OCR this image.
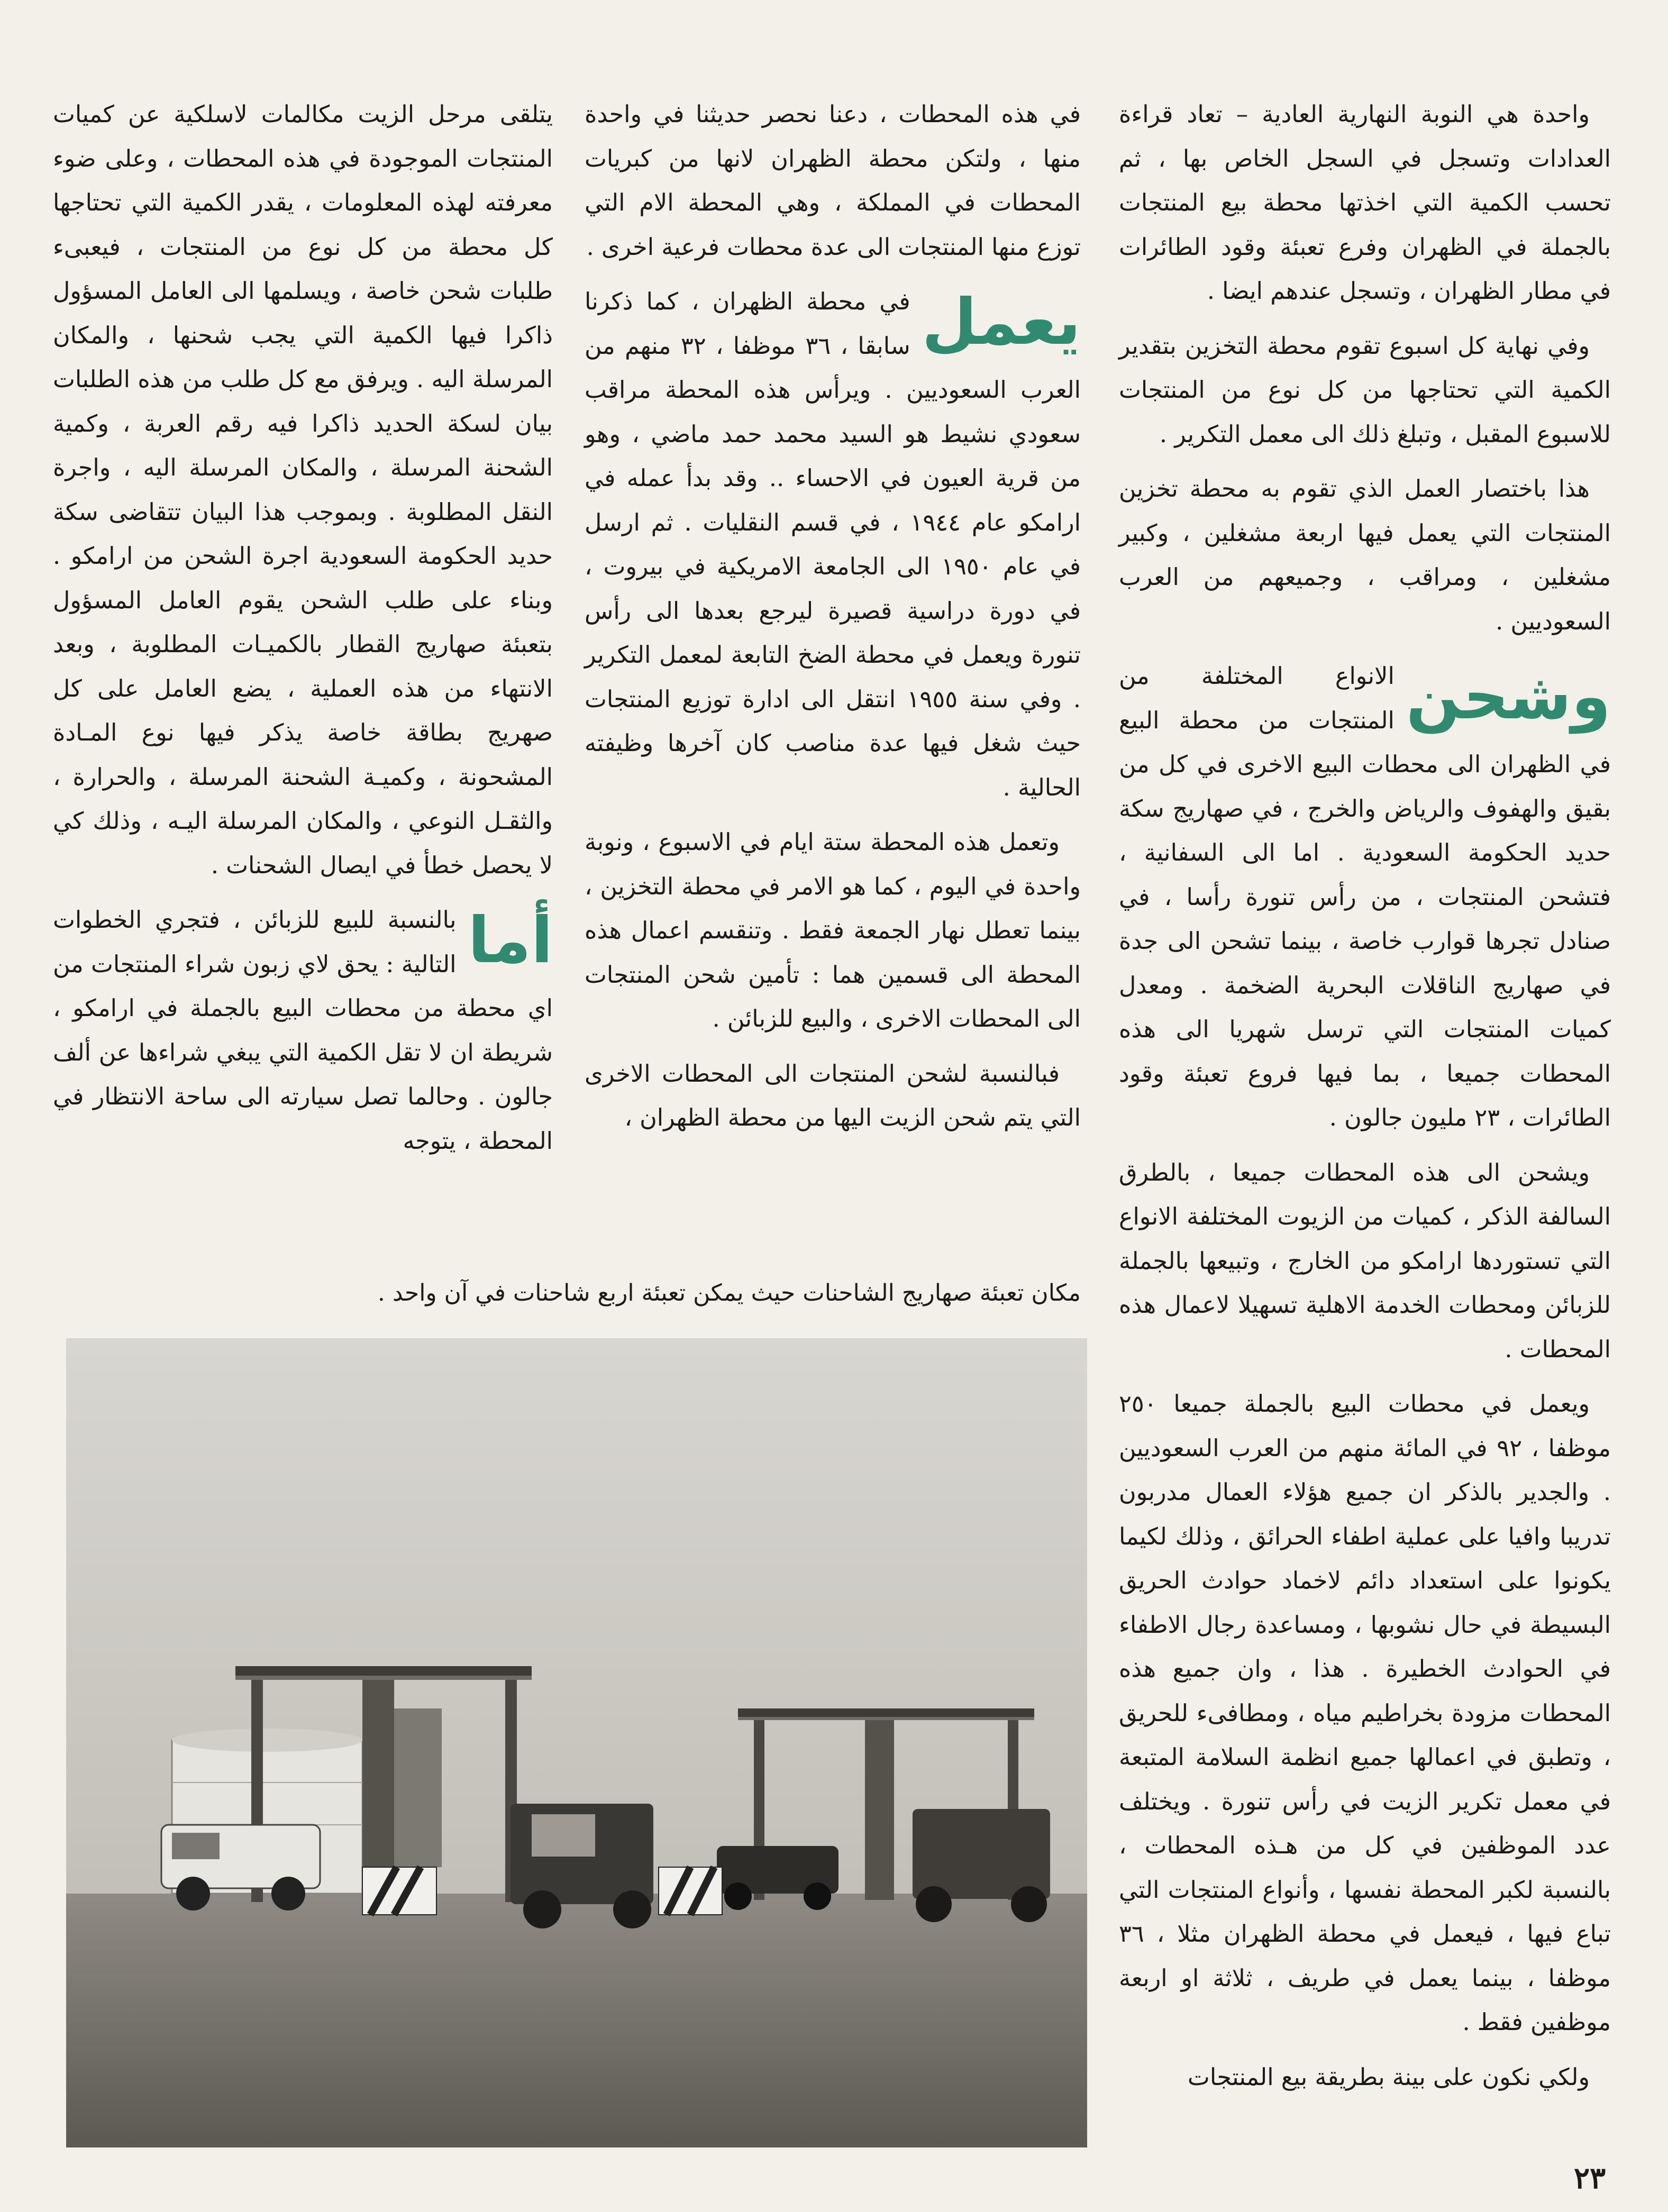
واحدة هي النوبة النهارية العادية – تعاد قراءة العدادات وتسجل في السجل الخاص بها ، ثم تحسب الكمية التي اخذتها محطة بيع المنتجات بالجملة في الظهران وفرع تعبئة وقود الطائرات في مطار الظهران ، وتسجل عندهم ايضا .

وفي نهاية كل اسبوع تقوم محطة التخزين بتقدير الكمية التي تحتاجها من كل نوع من المنتجات للاسبوع المقبل ، وتبلغ ذلك الى معمل التكرير .

هذا باختصار العمل الذي تقوم به محطة تخزين المنتجات التي يعمل فيها اربعة مشغلين ، وكبير مشغلين ، ومراقب ، وجميعهم من العرب السعوديين .

وشحن
الانواع المختلفة من المنتجات من محطة البيع في الظهران الى محطات البيع الاخرى في كل من بقيق والهفوف والرياض والخرج ، في صهاريج سكة حديد الحكومة السعودية . اما الى السفانية ، فتشحن المنتجات ، من رأس تنورة رأسا ، في صنادل تجرها قوارب خاصة ، بينما تشحن الى جدة في صهاريج الناقلات البحرية الضخمة . ومعدل كميات المنتجات التي ترسل شهريا الى هذه المحطات جميعا ، بما فيها فروع تعبئة وقود الطائرات ، ٢٣ مليون جالون .

ويشحن الى هذه المحطات جميعا ، بالطرق السالفة الذكر ، كميات من الزيوت المختلفة الانواع التي تستوردها ارامكو من الخارج ، وتبيعها بالجملة للزبائن ومحطات الخدمة الاهلية تسهيلا لاعمال هذه المحطات .

ويعمل في محطات البيع بالجملة جميعا ٢٥٠ موظفا ، ٩٢ في المائة منهم من العرب السعوديين . والجدير بالذكر ان جميع هؤلاء العمال مدربون تدريبا وافيا على عملية اطفاء الحرائق ، وذلك لكيما يكونوا على استعداد دائم لاخماد حوادث الحريق البسيطة في حال نشوبها ، ومساعدة رجال الاطفاء في الحوادث الخطيرة . هذا ، وان جميع هذه المحطات مزودة بخراطيم مياه ، ومطافىء للحريق ، وتطبق في اعمالها جميع انظمة السلامة المتبعة في معمل تكرير الزيت في رأس تنورة . ويختلف عدد الموظفين في كل من هـذه المحطات ، بالنسبة لكبر المحطة نفسها ، وأنواع المنتجات التي تباع فيها ، فيعمل في محطة الظهران مثلا ، ٣٦ موظفا ، بينما يعمل في طريف ، ثلاثة او اربعة موظفين فقط .

ولكي نكون على بينة بطريقة بيع المنتجات

في هذه المحطات ، دعنا نحصر حديثنا في واحدة منها ، ولتكن محطة الظهران لانها من كبريات المحطات في المملكة ، وهي المحطة الام التي توزع منها المنتجات الى عدة محطات فرعية اخرى .

يعمل
في محطة الظهران ، كما ذكرنا سابقا ، ٣٦ موظفا ، ٣٢ منهم من العرب السعوديين . ويرأس هذه المحطة مراقب سعودي نشيط هو السيد محمد حمد ماضي ، وهو من قرية العيون في الاحساء .. وقد بدأ عمله في ارامكو عام ١٩٤٤ ، في قسم النقليات . ثم ارسل في عام ١٩٥٠ الى الجامعة الامريكية في بيروت ، في دورة دراسية قصيرة ليرجع بعدها الى رأس تنورة ويعمل في محطة الضخ التابعة لمعمل التكرير . وفي سنة ١٩٥٥ انتقل الى ادارة توزيع المنتجات حيث شغل فيها عدة مناصب كان آخرها وظيفته الحالية .

وتعمل هذه المحطة ستة ايام في الاسبوع ، ونوبة واحدة في اليوم ، كما هو الامر في محطة التخزين ، بينما تعطل نهار الجمعة فقط . وتنقسم اعمال هذه المحطة الى قسمين هما : تأمين شحن المنتجات الى المحطات الاخرى ، والبيع للزبائن .

فبالنسبة لشحن المنتجات الى المحطات الاخرى التي يتم شحن الزيت اليها من محطة الظهران ،

يتلقى مرحل الزيت مكالمات لاسلكية عن كميات المنتجات الموجودة في هذه المحطات ، وعلى ضوء معرفته لهذه المعلومات ، يقدر الكمية التي تحتاجها كل محطة من كل نوع من المنتجات ، فيعبىء طلبات شحن خاصة ، ويسلمها الى العامل المسؤول ذاكرا فيها الكمية التي يجب شحنها ، والمكان المرسلة اليه . ويرفق مع كل طلب من هذه الطلبات بيان لسكة الحديد ذاكرا فيه رقم العربة ، وكمية الشحنة المرسلة ، والمكان المرسلة اليه ، واجرة النقل المطلوبة . وبموجب هذا البيان تتقاضى سكة حديد الحكومة السعودية اجرة الشحن من ارامكو . وبناء على طلب الشحن يقوم العامل المسؤول بتعبئة صهاريج القطار بالكميـات المطلوبة ، وبعد الانتهاء من هذه العملية ، يضع العامل على كل صهريج بطاقة خاصة يذكر فيها نوع المـادة المشحونة ، وكميـة الشحنة المرسلة ، والحرارة ، والثقـل النوعي ، والمكان المرسلة اليـه ، وذلك كي لا يحصل خطأ في ايصال الشحنات .

أما
بالنسبة للبيع للزبائن ، فتجري الخطوات التالية : يحق لاي زبون شراء المنتجات من اي محطة من محطات البيع بالجملة في ارامكو ، شريطة ان لا تقل الكمية التي يبغي شراءها عن ألف جالون . وحالما تصل سيارته الى ساحة الانتظار في المحطة ، يتوجه

مكان تعبئة صهاريج الشاحنات حيث يمكن تعبئة اربع شاحنات في آن واحد .
٢٣
